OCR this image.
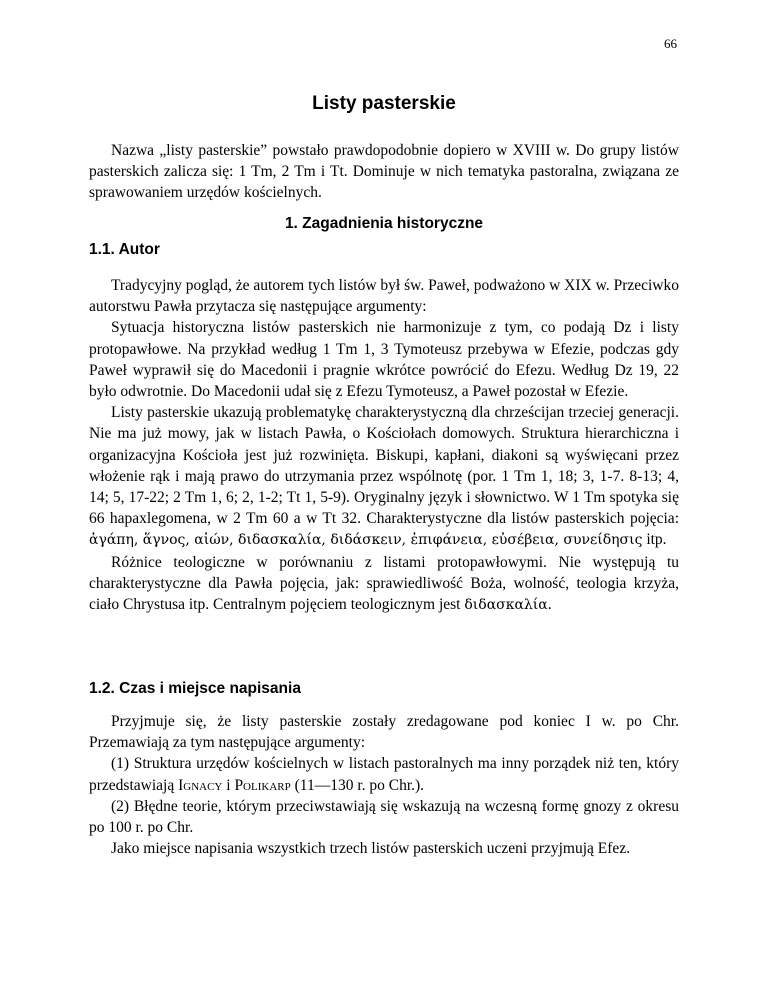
66
Listy pasterskie

Nazwa „listy pasterskie” powstało prawdopodobnie dopiero w XVIII w. Do grupy listów pasterskich zalicza się: 1 Tm, 2 Tm i Tt. Dominuje w nich tematyka pastoralna, związana ze sprawowaniem urzędów kościelnych.

1. Zagadnienia historyczne
1.1. Autor

Tradycyjny pogląd, że autorem tych listów był św. Paweł, podważono w XIX w. Przeciwko autorstwu Pawła przytacza się następujące argumenty:

Sytuacja historyczna listów pasterskich nie harmonizuje z tym, co podają Dz i listy protopawłowe. Na przykład według 1 Tm 1, 3 Tymoteusz przebywa w Efezie, podczas gdy Paweł wyprawił się do Macedonii i pragnie wkrótce powrócić do Efezu. Według Dz 19, 22 było odwrotnie. Do Macedonii udał się z Efezu Tymoteusz, a Paweł pozostał w Efezie.

Listy pasterskie ukazują problematykę charakterystyczną dla chrześcijan trzeciej generacji. Nie ma już mowy, jak w listach Pawła, o Kościołach domowych. Struktura hierarchiczna i organizacyjna Kościoła jest już rozwinięta. Biskupi, kapłani, diakoni są wyświęcani przez włożenie rąk i mają prawo do utrzymania przez wspólnotę (por. 1 Tm 1, 18; 3, 1-7. 8-13; 4, 14; 5, 17-22; 2 Tm 1, 6; 2, 1-2; Tt 1, 5-9). Oryginalny język i słownictwo. W 1 Tm spotyka się 66 hapaxlegomena, w 2 Tm 60 a w Tt 32. Charakterystyczne dla listów pasterskich pojęcia: ἀγάπη, ἅγνος, αἰών, διδασκαλία, διδάσκειν, ἐπιφάνεια, εὐσέβεια, συνείδησις itp.

Różnice teologiczne w porównaniu z listami protopawłowymi. Nie występują tu charakterystyczne dla Pawła pojęcia, jak: sprawiedliwość Boża, wolność, teologia krzyża, ciało Chrystusa itp. Centralnym pojęciem teologicznym jest διδασκαλία.

1.2. Czas i miejsce napisania

Przyjmuje się, że listy pasterskie zostały zredagowane pod koniec I w. po Chr. Przemawiają za tym następujące argumenty:

(1) Struktura urzędów kościelnych w listach pastoralnych ma inny porządek niż ten, który przedstawiają Ignacy i Polikarp (11—130 r. po Chr.).

(2) Błędne teorie, którym przeciwstawiają się wskazują na wczesną formę gnozy z okresu po 100 r. po Chr.

Jako miejsce napisania wszystkich trzech listów pasterskich uczeni przyjmują Efez.
